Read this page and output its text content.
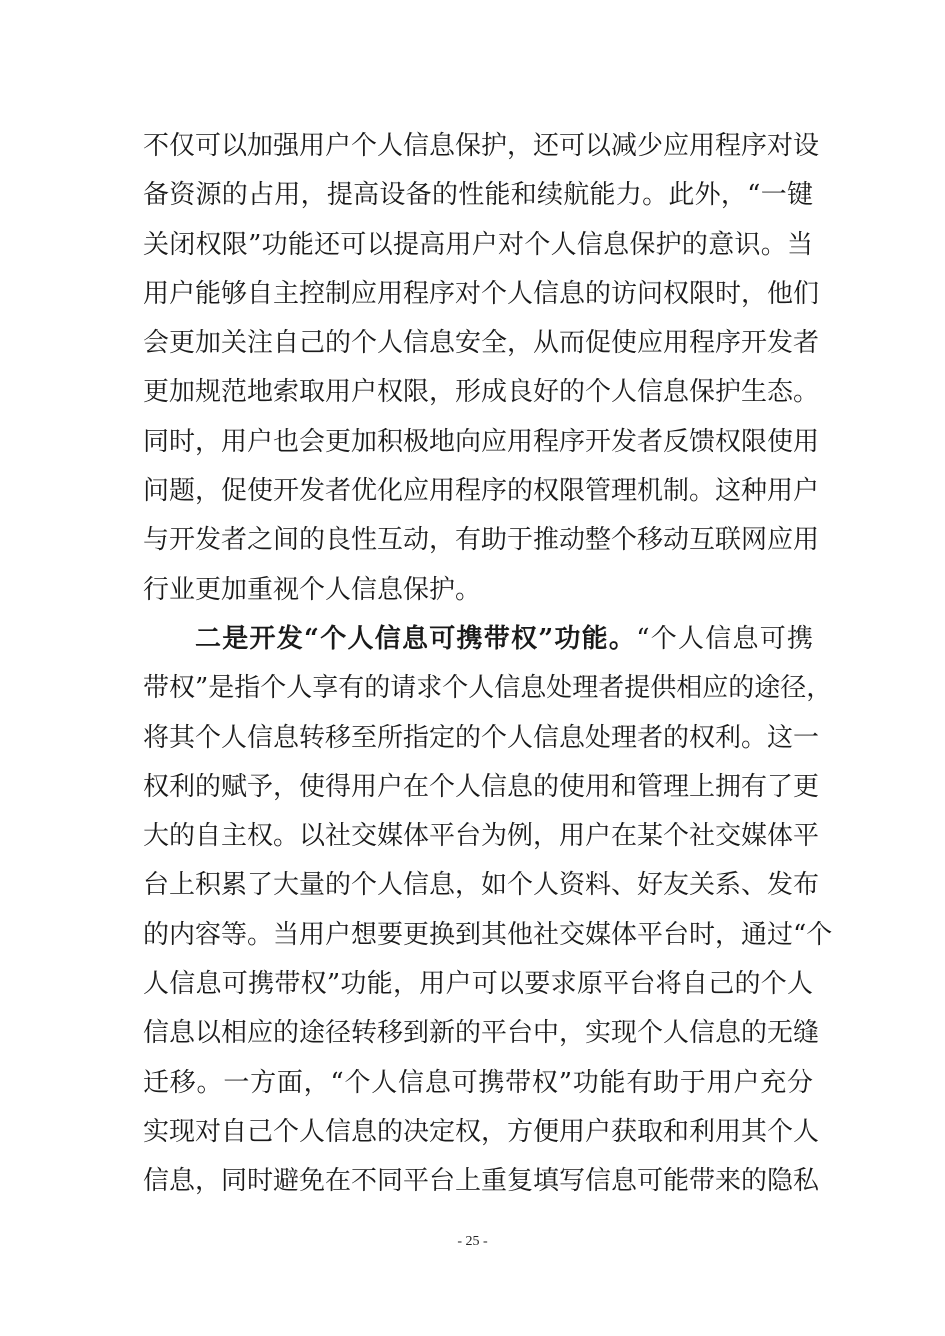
不仅可以加强用户个人信息保护，还可以减少应用程序对设
备资源的占用，提高设备的性能和续航能力。此外，“一键
关闭权限”功能还可以提高用户对个人信息保护的意识。当
用户能够自主控制应用程序对个人信息的访问权限时，他们
会更加关注自己的个人信息安全，从而促使应用程序开发者
更加规范地索取用户权限，形成良好的个人信息保护生态。
同时，用户也会更加积极地向应用程序开发者反馈权限使用
问题，促使开发者优化应用程序的权限管理机制。这种用户
与开发者之间的良性互动，有助于推动整个移动互联网应用
行业更加重视个人信息保护。
二是开发“个人信息可携带权”功能。“个人信息可携
带权”是指个人享有的请求个人信息处理者提供相应的途径，
将其个人信息转移至所指定的个人信息处理者的权利。这一
权利的赋予，使得用户在个人信息的使用和管理上拥有了更
大的自主权。以社交媒体平台为例，用户在某个社交媒体平
台上积累了大量的个人信息，如个人资料、好友关系、发布
的内容等。当用户想要更换到其他社交媒体平台时，通过“个
人信息可携带权”功能，用户可以要求原平台将自己的个人
信息以相应的途径转移到新的平台中，实现个人信息的无缝
迁移。一方面，“个人信息可携带权”功能有助于用户充分
实现对自己个人信息的决定权，方便用户获取和利用其个人
信息，同时避免在不同平台上重复填写信息可能带来的隐私
- 25 -
